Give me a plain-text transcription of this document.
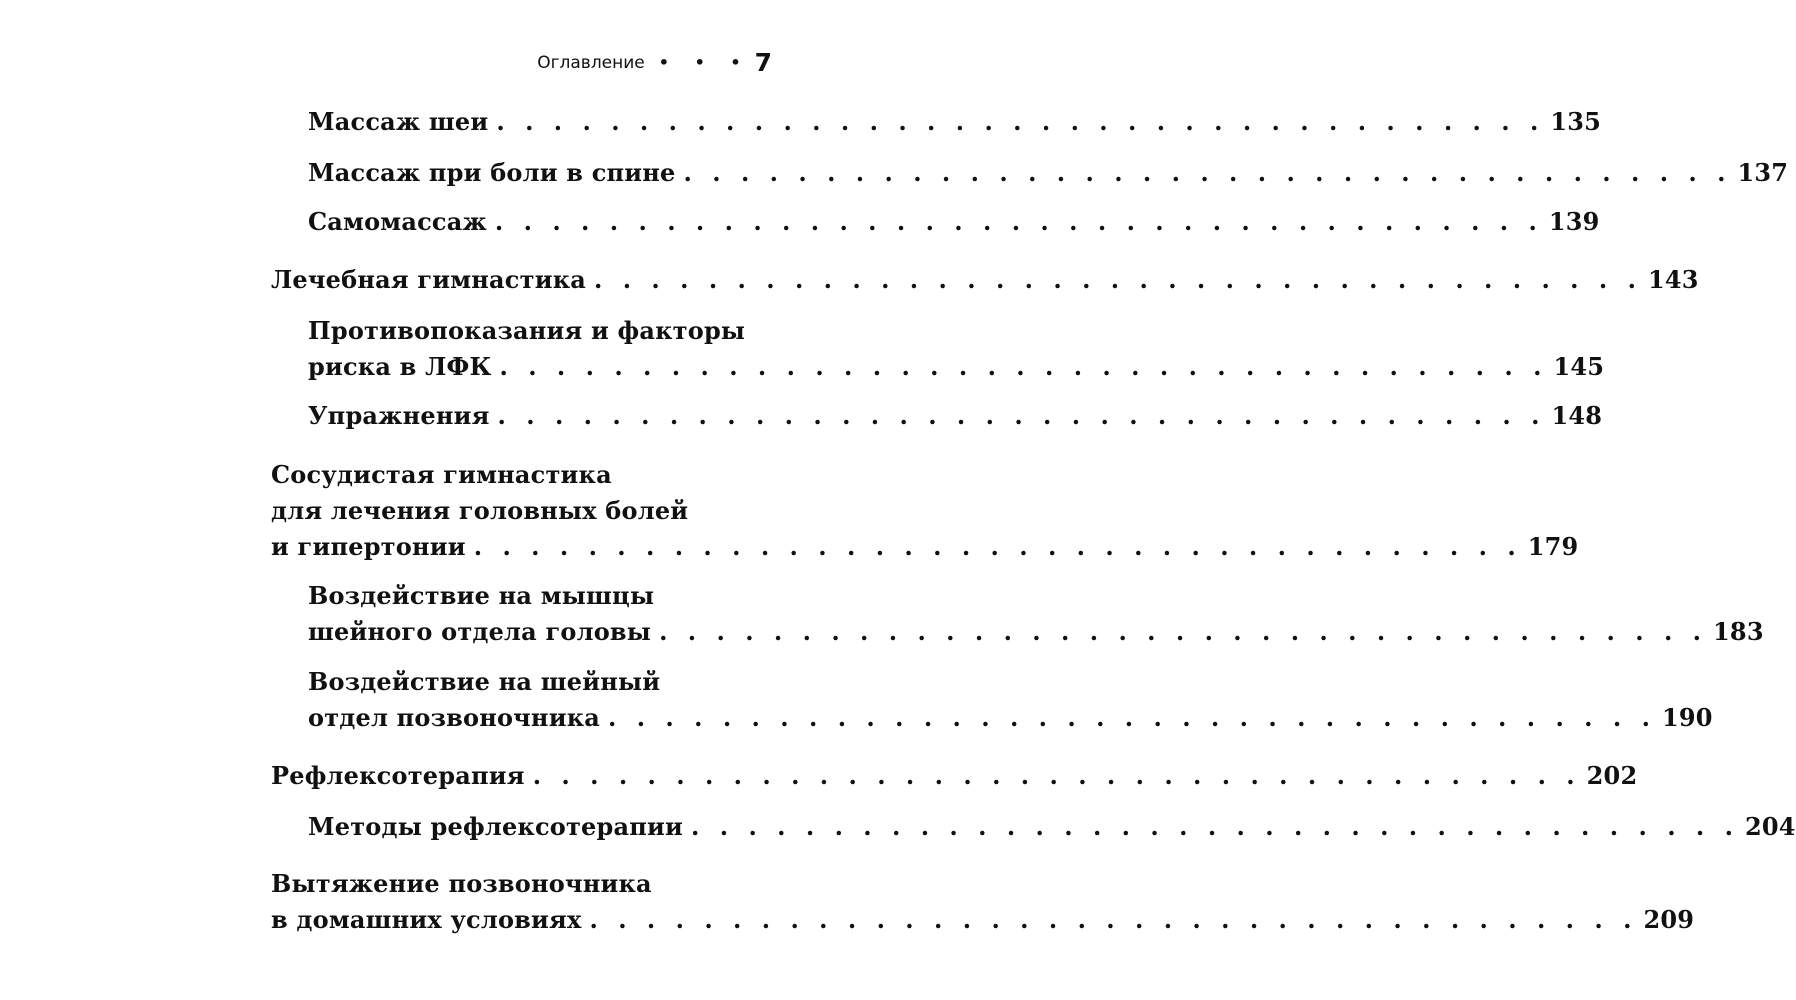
Оглавление • • • 7
Массаж шеи . . . . . . . . . . . . . . . . . . . . . . . . . . . . . . . . . . . . . 135
Массаж при боли в спине . . . . . . . . . . . . . . . . . . . . . . . . . . . . . . . . . . . . . 137
Самомассаж . . . . . . . . . . . . . . . . . . . . . . . . . . . . . . . . . . . . . 139
Лечебная гимнастика . . . . . . . . . . . . . . . . . . . . . . . . . . . . . . . . . . . . . 143
Противопоказания и факторы
риска в ЛФК . . . . . . . . . . . . . . . . . . . . . . . . . . . . . . . . . . . . . 145
Упражнения . . . . . . . . . . . . . . . . . . . . . . . . . . . . . . . . . . . . . 148
Сосудистая гимнастика
для лечения головных болей
и гипертонии . . . . . . . . . . . . . . . . . . . . . . . . . . . . . . . . . . . . . 179
Воздействие на мышцы
шейного отдела головы . . . . . . . . . . . . . . . . . . . . . . . . . . . . . . . . . . . . . 183
Воздействие на шейный
отдел позвоночника . . . . . . . . . . . . . . . . . . . . . . . . . . . . . . . . . . . . . 190
Рефлексотерапия . . . . . . . . . . . . . . . . . . . . . . . . . . . . . . . . . . . . . 202
Методы рефлексотерапии . . . . . . . . . . . . . . . . . . . . . . . . . . . . . . . . . . . . . 204
Вытяжение позвоночника
в домашних условиях . . . . . . . . . . . . . . . . . . . . . . . . . . . . . . . . . . . . . 209
